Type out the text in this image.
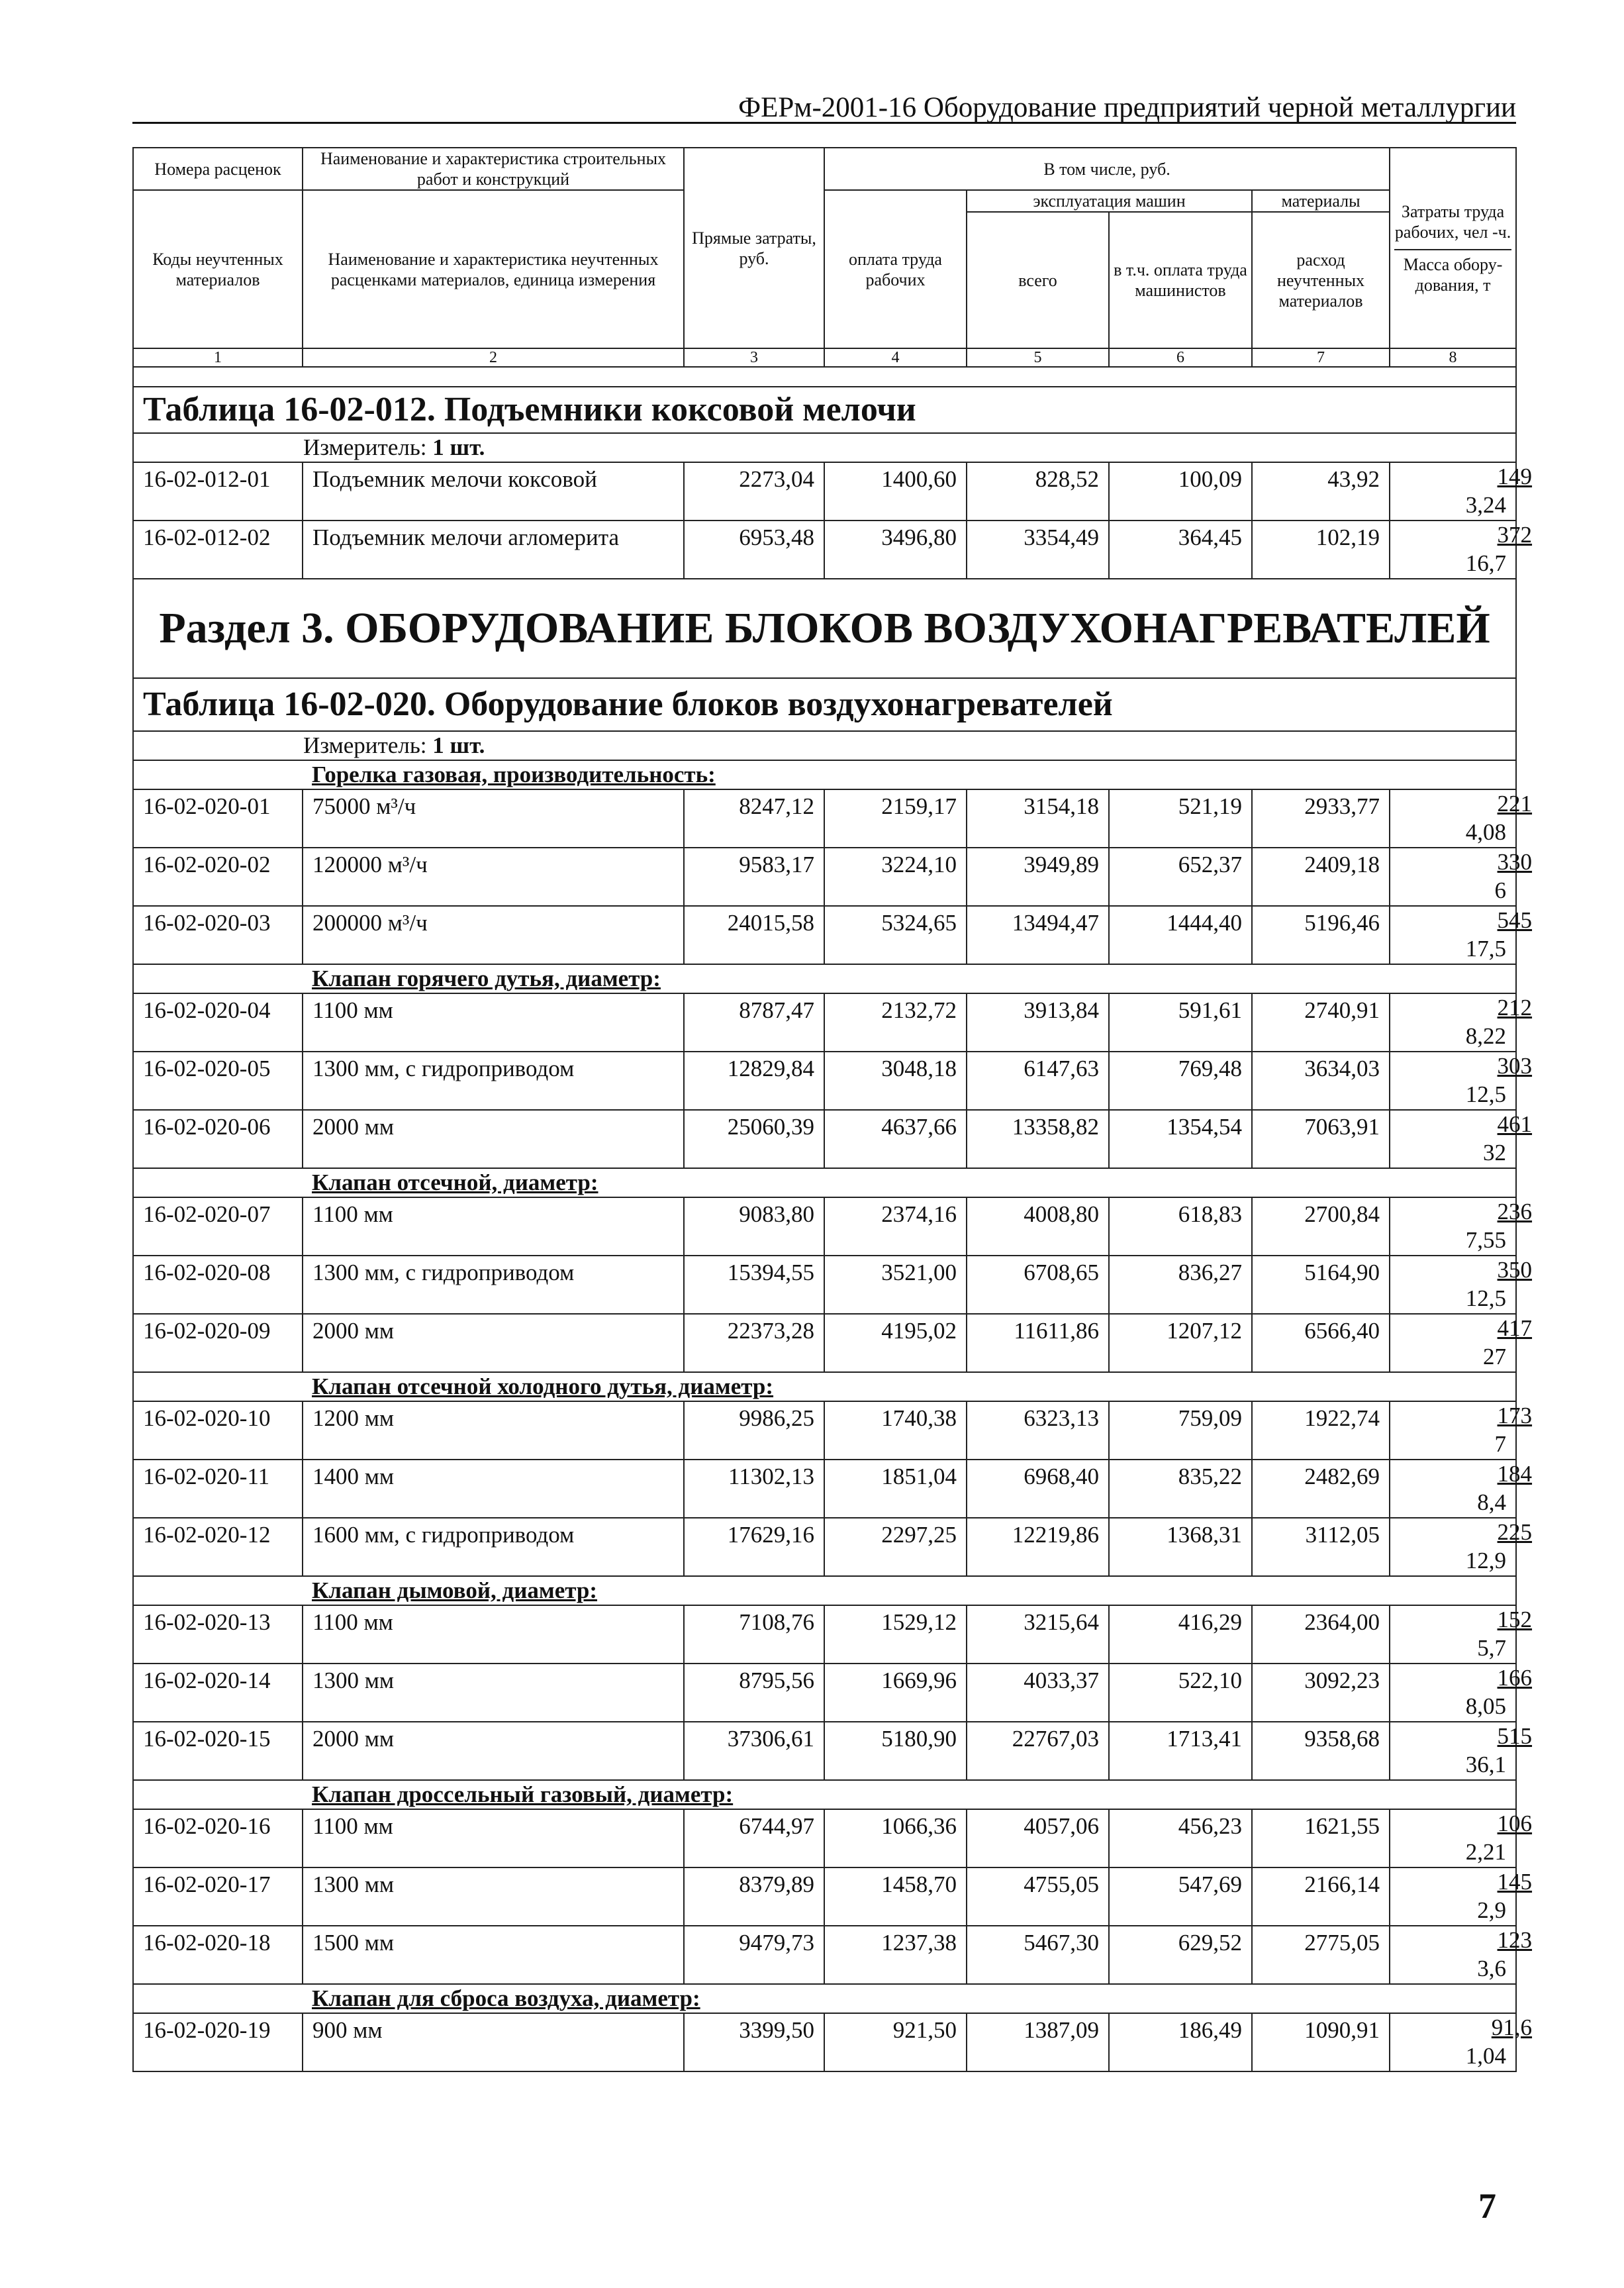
ФЕРм-2001-16 Оборудование предприятий черной металлургии
Номера расценок	Наименование и характеристика строительных работ и конструкций	Прямые затраты, руб.	В том числе, руб.				Затраты труда рабочих, чел -ч.
Масса обору-дования, т

Коды неучтенных материалов	Наименование и характеристика неучтенных расценками материалов, единица измерения		оплата труда рабочих	эксплуатация машин		материалы	
				всего	в т.ч. оплата труда машинистов	расход неучтенных материалов	
1	2	3	4	5	6	7	8

Таблица 16-02-012. Подъемники коксовой мелочи							

Измеритель: 1 шт.							
16-02-012-01	Подъемник мелочи коксовой	2273,04	1400,60	828,52	100,09	43,92	149
							3,24
16-02-012-02	Подъемник мелочи агломерита	6953,48	3496,80	3354,49	364,45	102,19	372
							16,7

Раздел 3. ОБОРУДОВАНИЕ БЛОКОВ ВОЗДУХОНАГРЕВАТЕЛЕЙ							

Таблица 16-02-020. Оборудование блоков воздухонагревателей							

Измеритель: 1 шт.							
	Горелка газовая, производительность:						
16-02-020-01	75000 м³/ч	8247,12	2159,17	3154,18	521,19	2933,77	221
							4,08
16-02-020-02	120000 м³/ч	9583,17	3224,10	3949,89	652,37	2409,18	330
							6
16-02-020-03	200000 м³/ч	24015,58	5324,65	13494,47	1444,40	5196,46	545
							17,5
	Клапан горячего дутья, диаметр:						
16-02-020-04	1100 мм	8787,47	2132,72	3913,84	591,61	2740,91	212
							8,22
16-02-020-05	1300 мм, с гидроприводом	12829,84	3048,18	6147,63	769,48	3634,03	303
							12,5
16-02-020-06	2000 мм	25060,39	4637,66	13358,82	1354,54	7063,91	461
							32
	Клапан отсечной, диаметр:						
16-02-020-07	1100 мм	9083,80	2374,16	4008,80	618,83	2700,84	236
							7,55
16-02-020-08	1300 мм, с гидроприводом	15394,55	3521,00	6708,65	836,27	5164,90	350
							12,5
16-02-020-09	2000 мм	22373,28	4195,02	11611,86	1207,12	6566,40	417
							27
	Клапан отсечной холодного дутья, диаметр:						
16-02-020-10	1200 мм	9986,25	1740,38	6323,13	759,09	1922,74	173
							7
16-02-020-11	1400 мм	11302,13	1851,04	6968,40	835,22	2482,69	184
							8,4
16-02-020-12	1600 мм, с гидроприводом	17629,16	2297,25	12219,86	1368,31	3112,05	225
							12,9
	Клапан дымовой, диаметр:						
16-02-020-13	1100 мм	7108,76	1529,12	3215,64	416,29	2364,00	152
							5,7
16-02-020-14	1300 мм	8795,56	1669,96	4033,37	522,10	3092,23	166
							8,05
16-02-020-15	2000 мм	37306,61	5180,90	22767,03	1713,41	9358,68	515
							36,1
	Клапан дроссельный газовый, диаметр:						
16-02-020-16	1100 мм	6744,97	1066,36	4057,06	456,23	1621,55	106
							2,21
16-02-020-17	1300 мм	8379,89	1458,70	4755,05	547,69	2166,14	145
							2,9
16-02-020-18	1500 мм	9479,73	1237,38	5467,30	629,52	2775,05	123
							3,6
	Клапан для сброса воздуха, диаметр:						
16-02-020-19	900 мм	3399,50	921,50	1387,09	186,49	1090,91	91,6
							1,04
7
